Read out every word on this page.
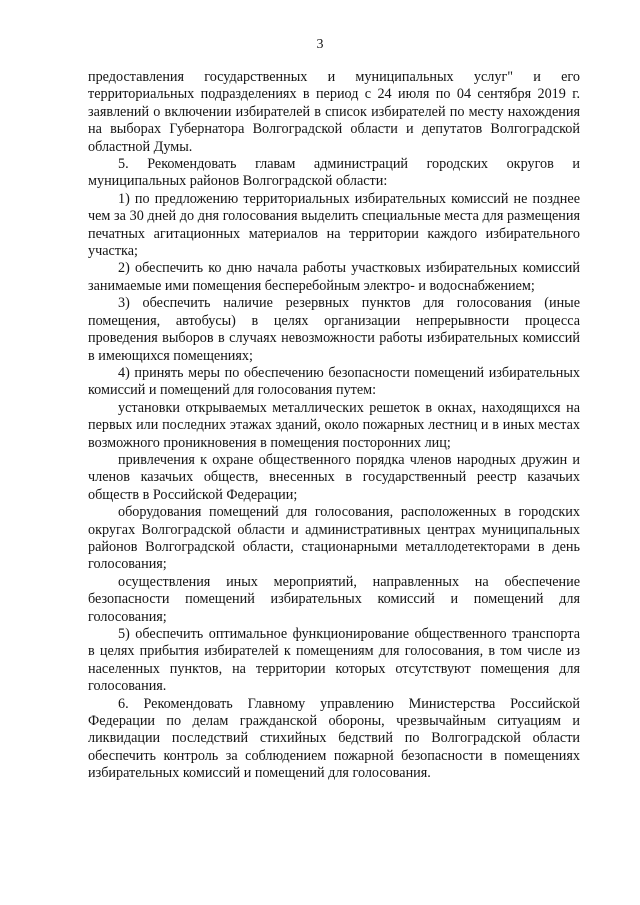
3

предоставления государственных и муниципальных услуг" и его территориальных подразделениях в период с 24 июля по 04 сентября 2019 г. заявлений о включении избирателей в список избирателей по месту нахождения на выборах Губернатора Волгоградской области и депутатов Волгоградской областной Думы.

5. Рекомендовать главам администраций городских округов и муниципальных районов Волгоградской области:

1) по предложению территориальных избирательных комиссий не позднее чем за 30 дней до дня голосования выделить специальные места для размещения печатных агитационных материалов на территории каждого избирательного участка;

2) обеспечить ко дню начала работы участковых избирательных комиссий занимаемые ими помещения бесперебойным электро- и водоснабжением;

3) обеспечить наличие резервных пунктов для голосования (иные помещения, автобусы) в целях организации непрерывности процесса проведения выборов в случаях невозможности работы избирательных комиссий в имеющихся помещениях;

4) принять меры по обеспечению безопасности помещений избирательных комиссий и помещений для голосования путем:

установки открываемых металлических решеток в окнах, находящихся на первых или последних этажах зданий, около пожарных лестниц и в иных местах возможного проникновения в помещения посторонних лиц;

привлечения к охране общественного порядка членов народных дружин и членов казачьих обществ, внесенных в государственный реестр казачьих обществ в Российской Федерации;

оборудования помещений для голосования, расположенных в городских округах Волгоградской области и административных центрах муниципальных районов Волгоградской области, стационарными металлодетекторами в день голосования;

осуществления иных мероприятий, направленных на обеспечение безопасности помещений избирательных комиссий и помещений для голосования;

5) обеспечить оптимальное функционирование общественного транспорта в целях прибытия избирателей к помещениям для голосования, в том числе из населенных пунктов, на территории которых отсутствуют помещения для голосования.

6. Рекомендовать Главному управлению Министерства Российской Федерации по делам гражданской обороны, чрезвычайным ситуациям и ликвидации последствий стихийных бедствий по Волгоградской области обеспечить контроль за соблюдением пожарной безопасности в помещениях избирательных комиссий и помещений для голосования.
